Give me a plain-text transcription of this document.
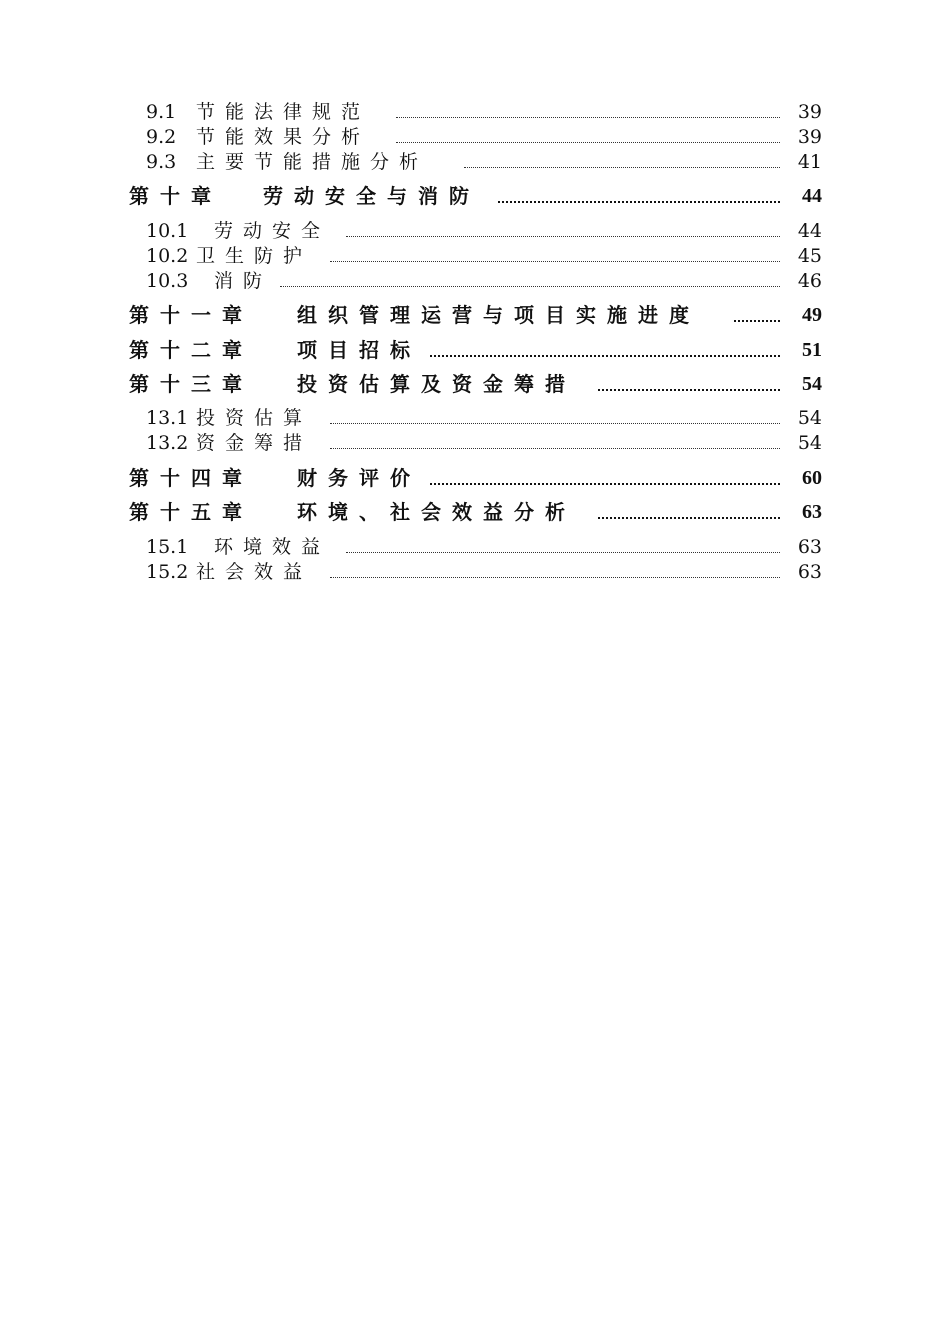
9.1 节能法律规范	39
9.2 节能效果分析	39
9.3 主要节能措施分析	41
第十章 劳动安全与消防	44
10.1 劳动安全	44
10.2 卫生防护	45
10.3 消防	46
第十一章 组织管理运营与项目实施进度	49
第十二章 项目招标	51
第十三章 投资估算及资金筹措	54
13.1 投资估算	54
13.2 资金筹措	54
第十四章 财务评价	60
第十五章 环境、社会效益分析	63
15.1 环境效益	63
15.2 社会效益	63
